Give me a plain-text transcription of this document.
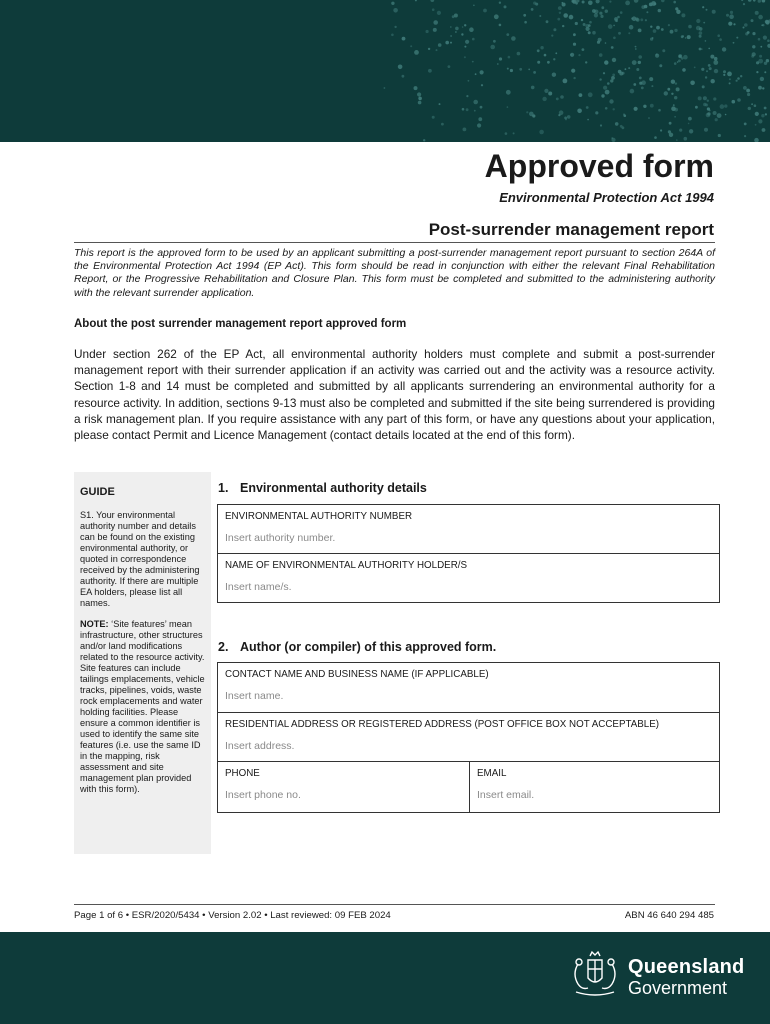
Approved form
Environmental Protection Act 1994
Post-surrender management report
This report is the approved form to be used by an applicant submitting a post-surrender management report pursuant to section 264A of the Environmental Protection Act 1994 (EP Act). This form should be read in conjunction with either the relevant Final Rehabilitation Report, or the Progressive Rehabilitation and Closure Plan. This form must be completed and submitted to the administering authority with the relevant surrender application.
About the post surrender management report approved form
Under section 262 of the EP Act, all environmental authority holders must complete and submit a post-surrender management report with their surrender application if an activity was carried out and the activity was a resource activity. Section 1-8 and 14 must be completed and submitted by all applicants surrendering an environmental authority for a resource activity. In addition, sections 9-13 must also be completed and submitted if the site being surrendered is providing a risk management plan. If you require assistance with any part of this form, or have any questions about your application, please contact Permit and Licence Management (contact details located at the end of this form).
GUIDE
S1. Your environmental authority number and details can be found on the existing environmental authority, or quoted in correspondence received by the administering authority. If there are multiple EA holders, please list all names.
NOTE: ‘Site features’ mean infrastructure, other structures and/or land modifications related to the resource activity. Site features can include tailings emplacements, vehicle tracks, pipelines, voids, waste rock emplacements and water holding facilities. Please ensure a common identifier is used to identify the same site features (i.e. use the same ID in the mapping, risk assessment and site management plan provided with this form).
1. Environmental authority details
ENVIRONMENTAL AUTHORITY NUMBER
Insert authority number.
NAME OF ENVIRONMENTAL AUTHORITY HOLDER/S
Insert name/s.
2. Author (or compiler) of this approved form.
CONTACT NAME AND BUSINESS NAME (IF APPLICABLE)
Insert name.
RESIDENTIAL ADDRESS OR REGISTERED ADDRESS (POST OFFICE BOX NOT ACCEPTABLE)
Insert address.
PHONE
Insert phone no.
EMAIL
Insert email.
Page 1 of 6 • ESR/2020/5434 • Version 2.02 • Last reviewed: 09 FEB 2024	ABN 46 640 294 485
Queensland
Government
